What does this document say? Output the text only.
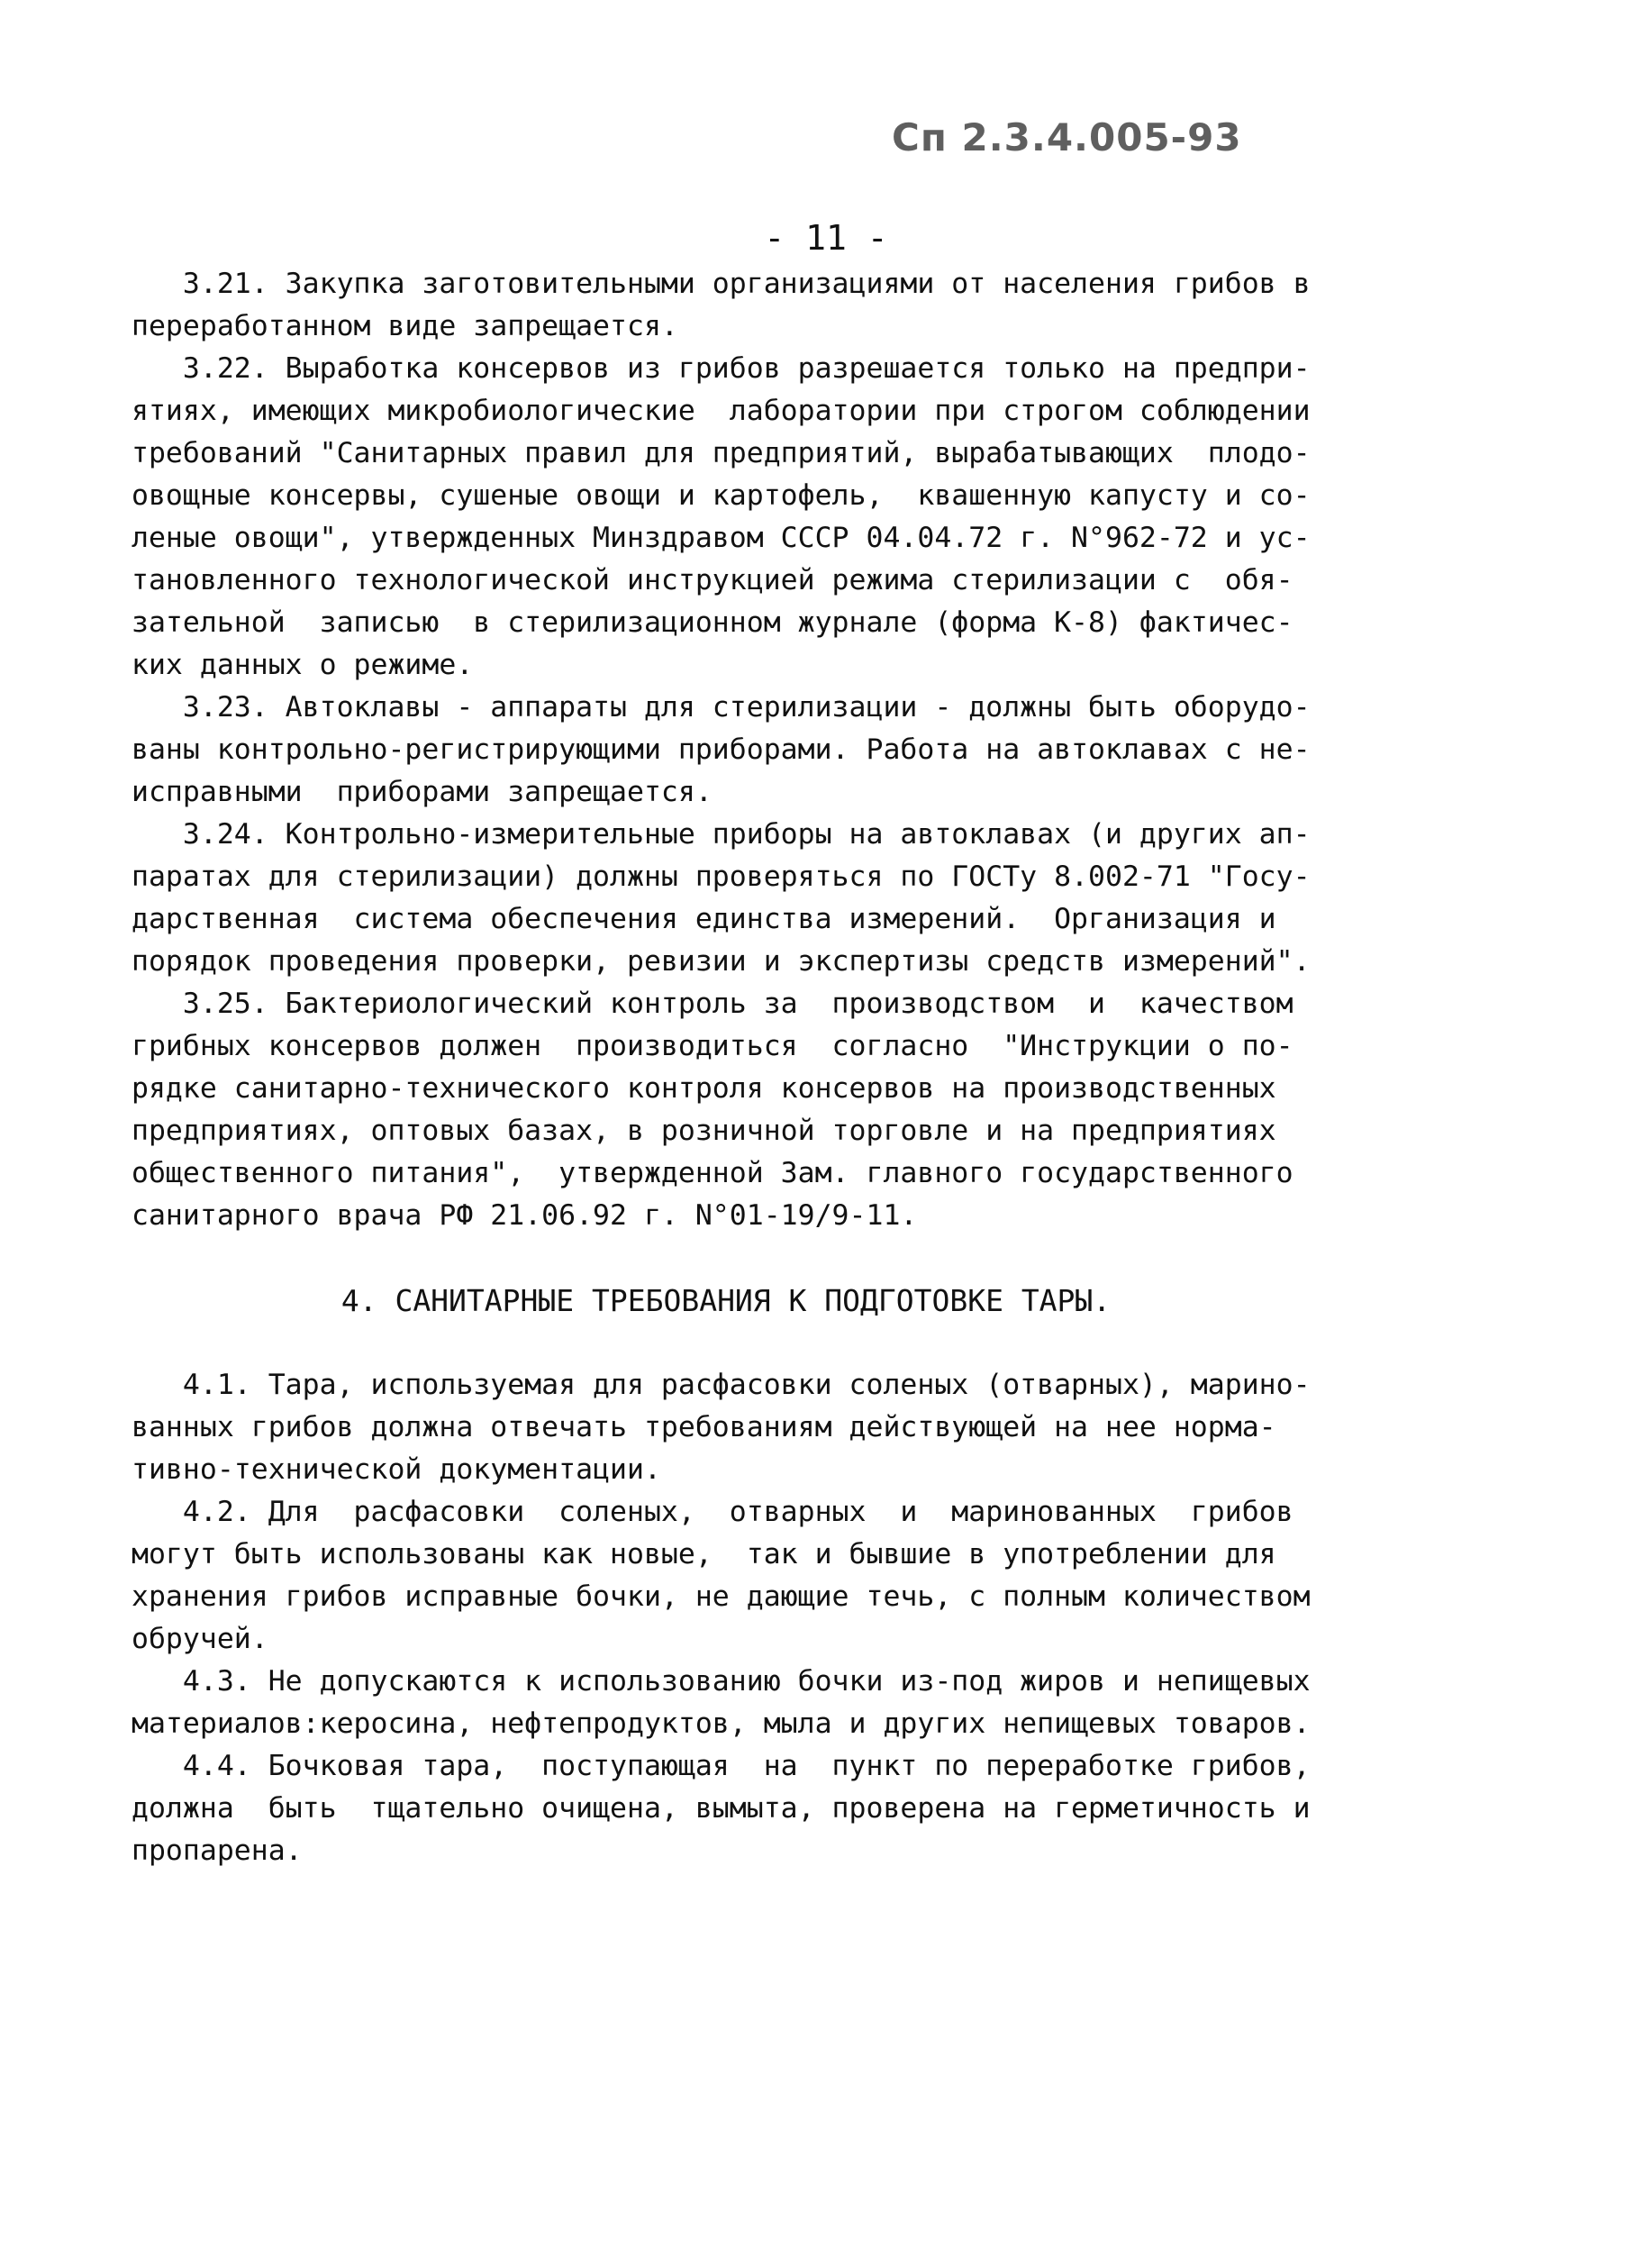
Сп 2.3.4.005-93
- 11 -
3.21. Закупка заготовительными организациями от населения грибов в
переработанном виде запрещается.
3.22. Выработка консервов из грибов разрешается только на предпри-
ятиях, имеющих микробиологические  лаборатории при строгом соблюдении
требований "Санитарных правил для предприятий, вырабатывающих  плодо-
овощные консервы, сушеные овощи и картофель,  квашенную капусту и со-
леные овощи", утвержденных Минздравом СССР 04.04.72 г. N°962-72 и ус-
тановленного технологической инструкцией режима стерилизации с  обя-
зательной  записью  в стерилизационном журнале (форма К-8) фактичес-
ких данных о режиме.
3.23. Автоклавы - аппараты для стерилизации - должны быть оборудо-
ваны контрольно-регистрирующими приборами. Работа на автоклавах с не-
исправными  приборами запрещается.
3.24. Контрольно-измерительные приборы на автоклавах (и других ап-
паратах для стерилизации) должны проверяться по ГОСТу 8.002-71 "Госу-
дарственная  система обеспечения единства измерений.  Организация и
порядок проведения проверки, ревизии и экспертизы средств измерений".
3.25. Бактериологический контроль за  производством  и  качеством
грибных консервов должен  производиться  согласно  "Инструкции о по-
рядке санитарно-технического контроля консервов на производственных
предприятиях, оптовых базах, в розничной торговле и на предприятиях
общественного питания",  утвержденной Зам. главного государственного
санитарного врача РФ 21.06.92 г. N°01-19/9-11.
4. САНИТАРНЫЕ ТРЕБОВАНИЯ К ПОДГОТОВКЕ ТАРЫ.
4.1. Тара, используемая для расфасовки соленых (отварных), марино-
ванных грибов должна отвечать требованиям действующей на нее норма-
тивно-технической документации.
4.2. Для  расфасовки  соленых,  отварных  и  маринованных  грибов
могут быть использованы как новые,  так и бывшие в употреблении для
хранения грибов исправные бочки, не дающие течь, с полным количеством
обручей.
4.3. Не допускаются к использованию бочки из-под жиров и непищевых
материалов:керосина, нефтепродуктов, мыла и других непищевых товаров.
4.4. Бочковая тара,  поступающая  на  пункт по переработке грибов,
должна  быть  тщательно очищена, вымыта, проверена на герметичность и
пропарена.
